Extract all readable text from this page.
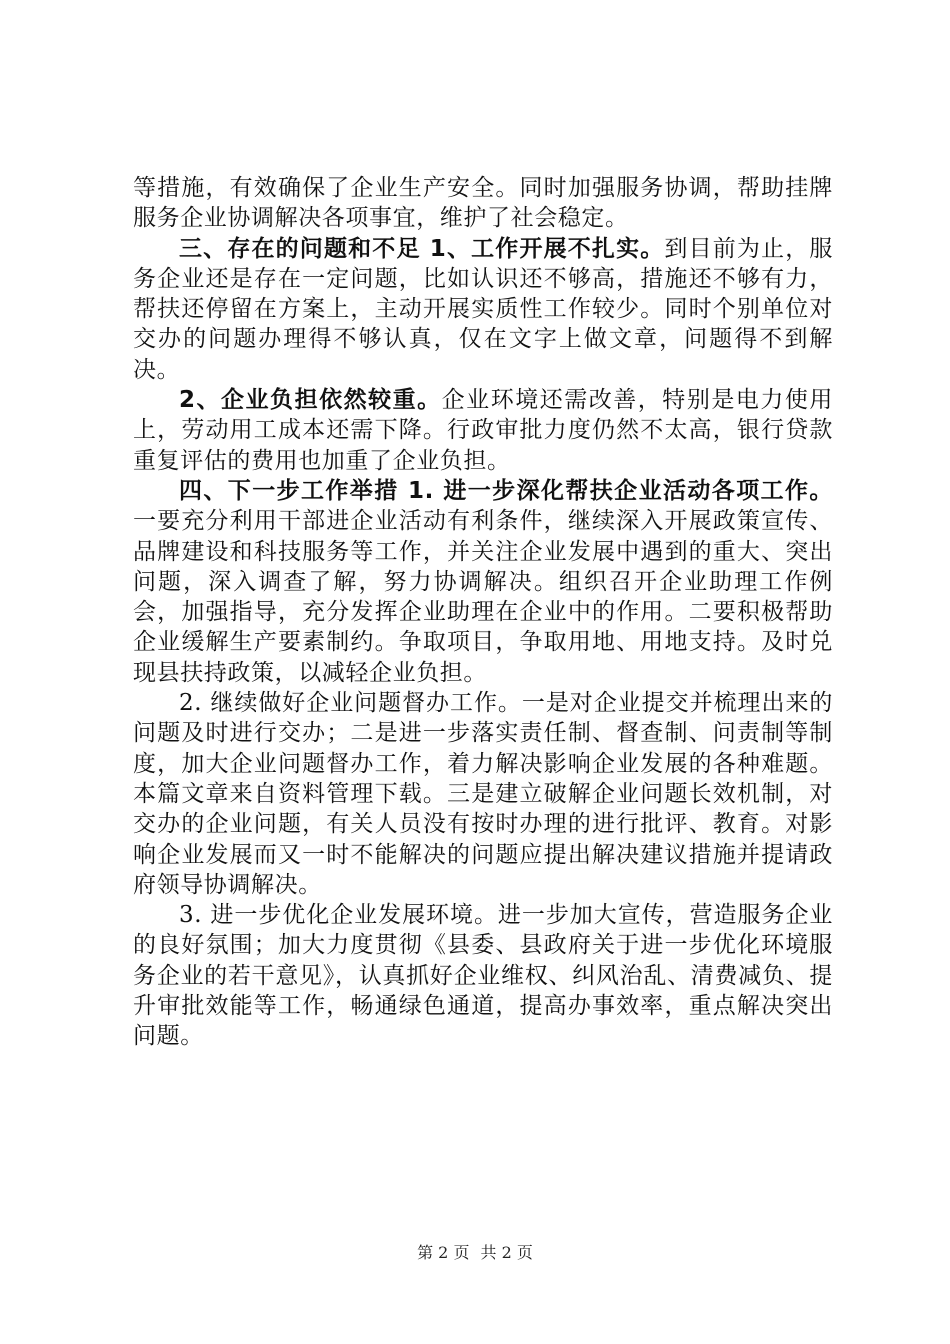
等措施，有效确保了企业生产安全。同时加强服务协调，帮助挂牌服务企业协调解决各项事宜，维护了社会稳定。

三、存在的问题和不足 1、工作开展不扎实。到目前为止，服务企业还是存在一定问题，比如认识还不够高，措施还不够有力，帮扶还停留在方案上，主动开展实质性工作较少。同时个别单位对交办的问题办理得不够认真，仅在文字上做文章，问题得不到解决。

2、企业负担依然较重。企业环境还需改善，特别是电力使用上，劳动用工成本还需下降。行政审批力度仍然不太高，银行贷款重复评估的费用也加重了企业负担。

四、下一步工作举措 1. 进一步深化帮扶企业活动各项工作。一要充分利用干部进企业活动有利条件，继续深入开展政策宣传、品牌建设和科技服务等工作，并关注企业发展中遇到的重大、突出问题，深入调查了解，努力协调解决。组织召开企业助理工作例会，加强指导，充分发挥企业助理在企业中的作用。二要积极帮助企业缓解生产要素制约。争取项目，争取用地、用地支持。及时兑现县扶持政策，以减轻企业负担。

2. 继续做好企业问题督办工作。一是对企业提交并梳理出来的问题及时进行交办；二是进一步落实责任制、督查制、问责制等制度，加大企业问题督办工作，着力解决影响企业发展的各种难题。本篇文章来自资料管理下载。三是建立破解企业问题长效机制，对交办的企业问题，有关人员没有按时办理的进行批评、教育。对影响企业发展而又一时不能解决的问题应提出解决建议措施并提请政府领导协调解决。

3. 进一步优化企业发展环境。进一步加大宣传，营造服务企业的良好氛围；加大力度贯彻《县委、县政府关于进一步优化环境服务企业的若干意见》，认真抓好企业维权、纠风治乱、清费减负、提升审批效能等工作，畅通绿色通道，提高办事效率，重点解决突出问题。

第 2 页 共 2 页
